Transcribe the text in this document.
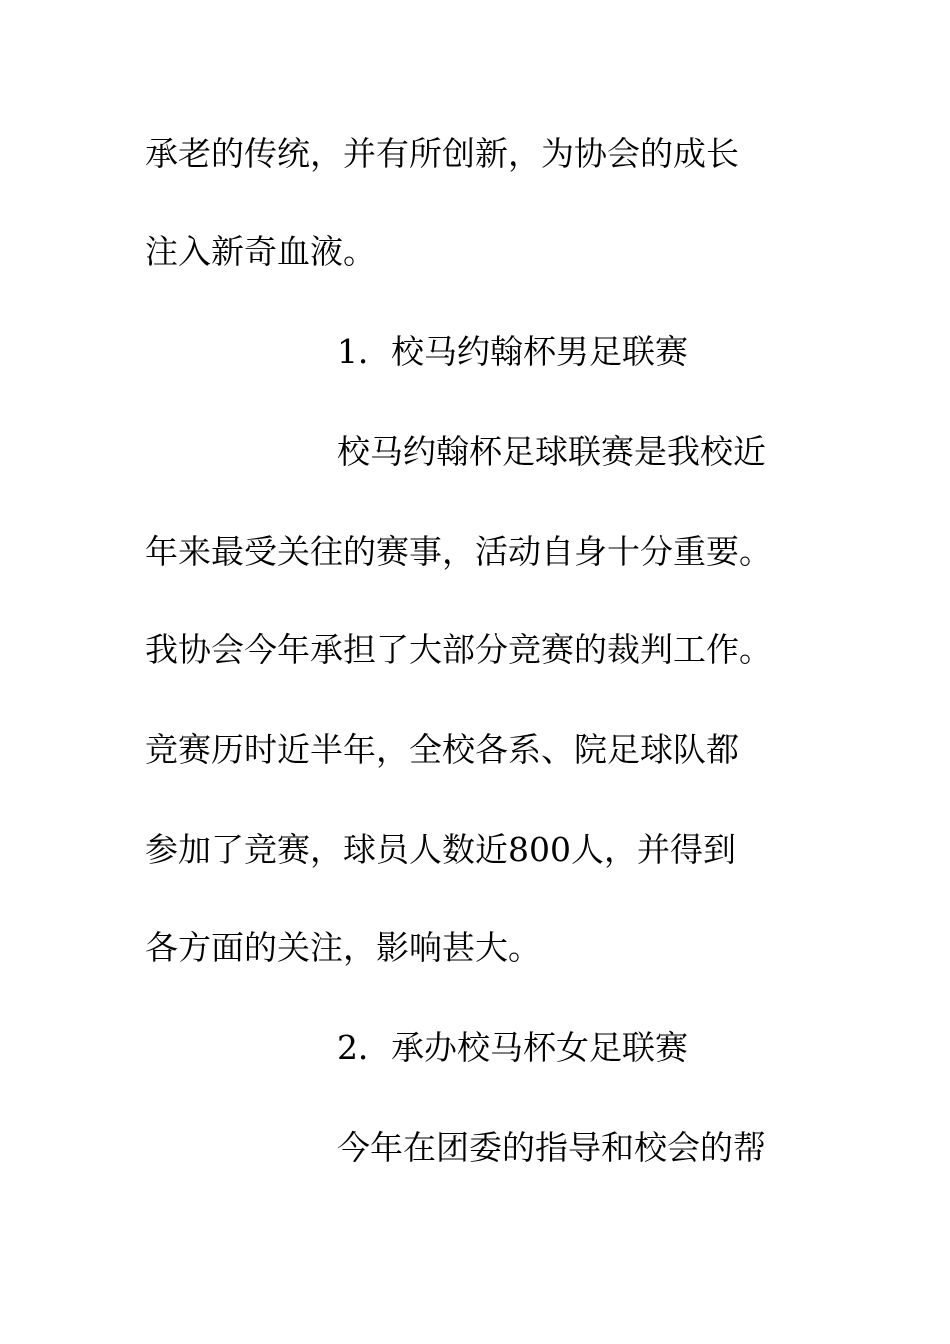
承老的传统，并有所创新，为协会的成长
注入新奇血液。
1．校马约翰杯男足联赛
校马约翰杯足球联赛是我校近
年来最受关往的赛事，活动自身十分重要。
我协会今年承担了大部分竞赛的裁判工作。
竞赛历时近半年，全校各系、院足球队都
参加了竞赛，球员人数近800人，并得到
各方面的关注，影响甚大。
2．承办校马杯女足联赛
今年在团委的指导和校会的帮
